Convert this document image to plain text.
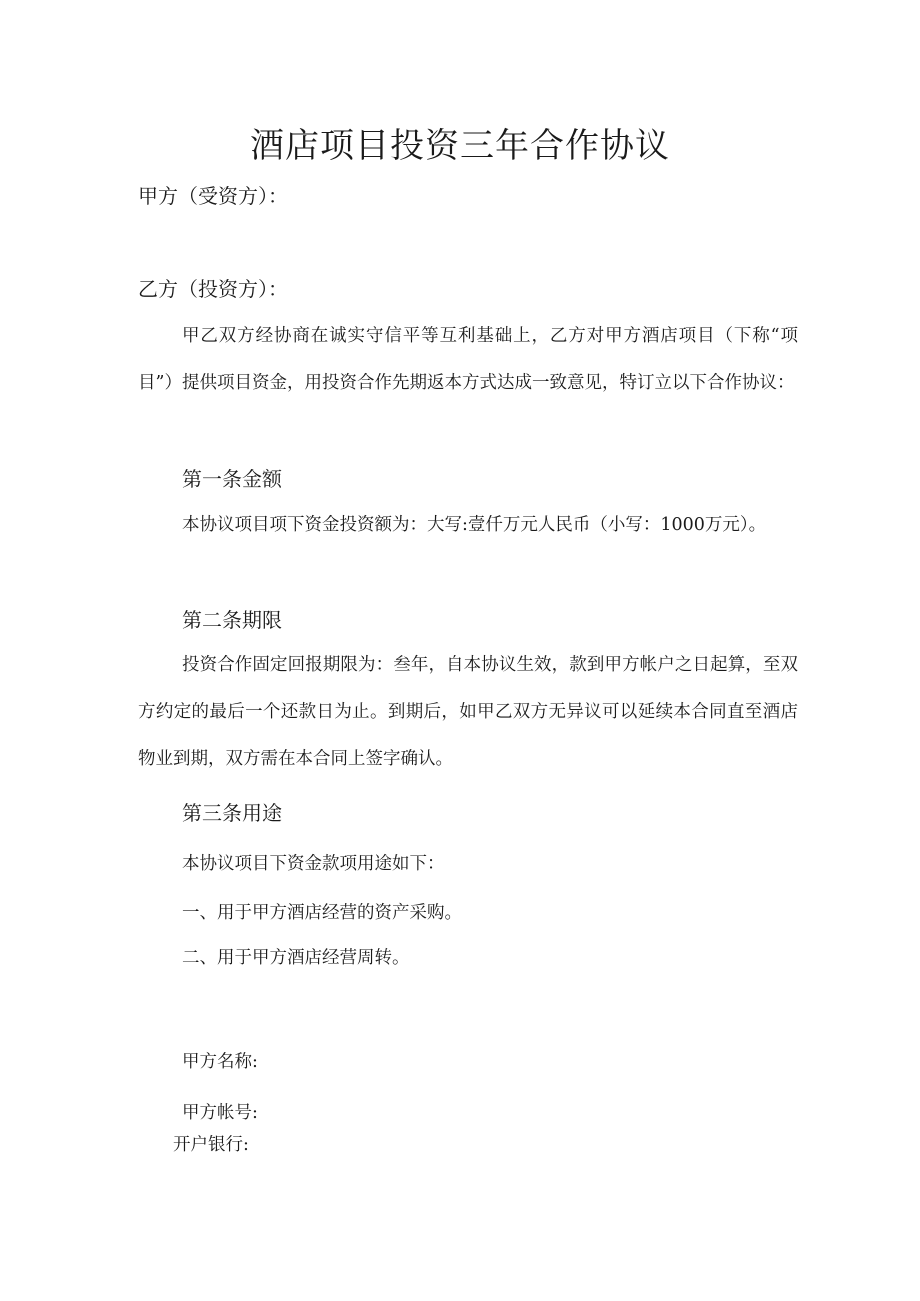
酒店项目投资三年合作协议

甲方（受资方）：

乙方（投资方）：

甲乙双方经协商在诚实守信平等互利基础上，乙方对甲方酒店项目（下称“项目”）提供项目资金，用投资合作先期返本方式达成一致意见，特订立以下合作协议：

第一条金额

本协议项目项下资金投资额为：大写:壹仟万元人民币（小写：1000万元）。

第二条期限

投资合作固定回报期限为：叁年，自本协议生效，款到甲方帐户之日起算，至双方约定的最后一个还款日为止。到期后，如甲乙双方无异议可以延续本合同直至酒店物业到期，双方需在本合同上签字确认。

第三条用途

本协议项目下资金款项用途如下：

一、用于甲方酒店经营的资产采购。

二、用于甲方酒店经营周转。

甲方名称:

甲方帐号:

开户银行:
